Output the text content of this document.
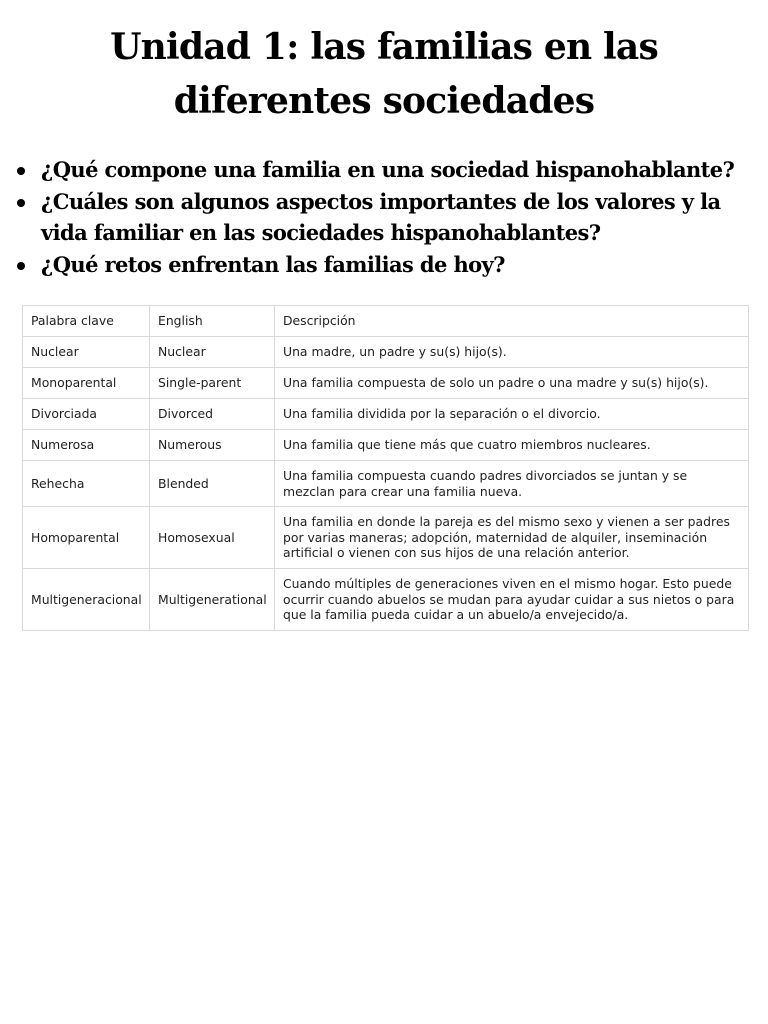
Unidad 1: las familias en las diferentes sociedades
¿Qué compone una familia en una sociedad hispanohablante?
¿Cuáles son algunos aspectos importantes de los valores y la vida familiar en las sociedades hispanohablantes?
¿Qué retos enfrentan las familias de hoy?
Palabra clave	English	Descripción
Nuclear	Nuclear	Una madre, un padre y su(s) hijo(s).
Monoparental	Single-parent	Una familia compuesta de solo un padre o una madre y su(s) hijo(s).
Divorciada	Divorced	Una familia dividida por la separación o el divorcio.
Numerosa	Numerous	Una familia que tiene más que cuatro miembros nucleares.
Rehecha	Blended	Una familia compuesta cuando padres divorciados se juntan y se mezclan para crear una familia nueva.
Homoparental	Homosexual	Una familia en donde la pareja es del mismo sexo y vienen a ser padres por varias maneras; adopción, maternidad de alquiler, inseminación artificial o vienen con sus hijos de una relación anterior.
Multigeneracional	Multigenerational	Cuando múltiples de generaciones viven en el mismo hogar. Esto puede ocurrir cuando abuelos se mudan para ayudar cuidar a sus nietos o para que la familia pueda cuidar a un abuelo/a envejecido/a.
